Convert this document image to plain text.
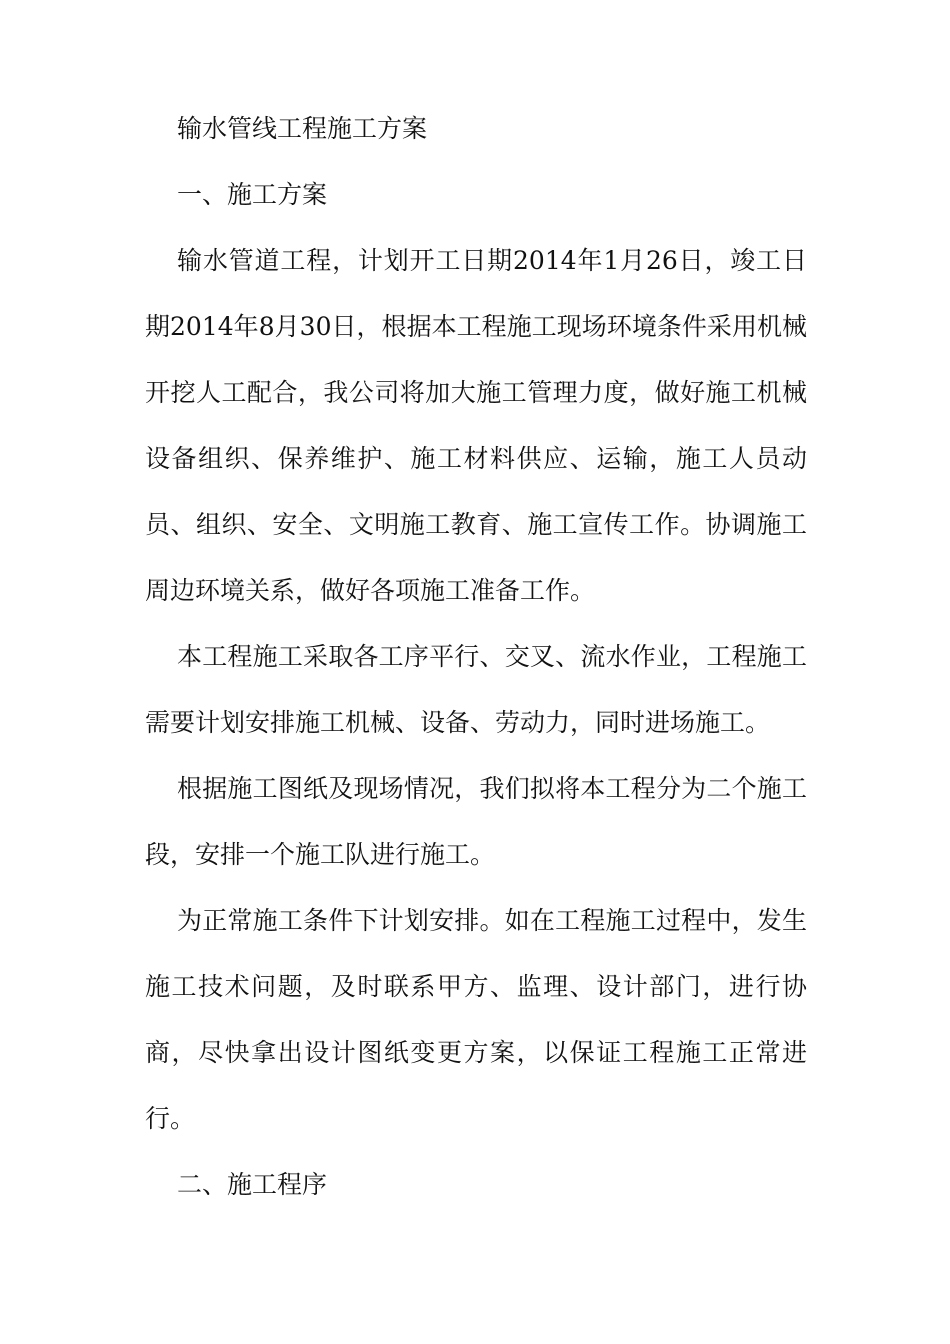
输水管线工程施工方案

一、施工方案

输水管道工程，计划开工日期2014年1月26日，竣工日期2014年8月30日，根据本工程施工现场环境条件采用机械开挖人工配合，我公司将加大施工管理力度，做好施工机械设备组织、保养维护、施工材料供应、运输，施工人员动员、组织、安全、文明施工教育、施工宣传工作。协调施工周边环境关系，做好各项施工准备工作。

本工程施工采取各工序平行、交叉、流水作业，工程施工需要计划安排施工机械、设备、劳动力，同时进场施工。

根据施工图纸及现场情况，我们拟将本工程分为二个施工段，安排一个施工队进行施工。

为正常施工条件下计划安排。如在工程施工过程中，发生施工技术问题，及时联系甲方、监理、设计部门，进行协商，尽快拿出设计图纸变更方案，以保证工程施工正常进行。

二、施工程序
